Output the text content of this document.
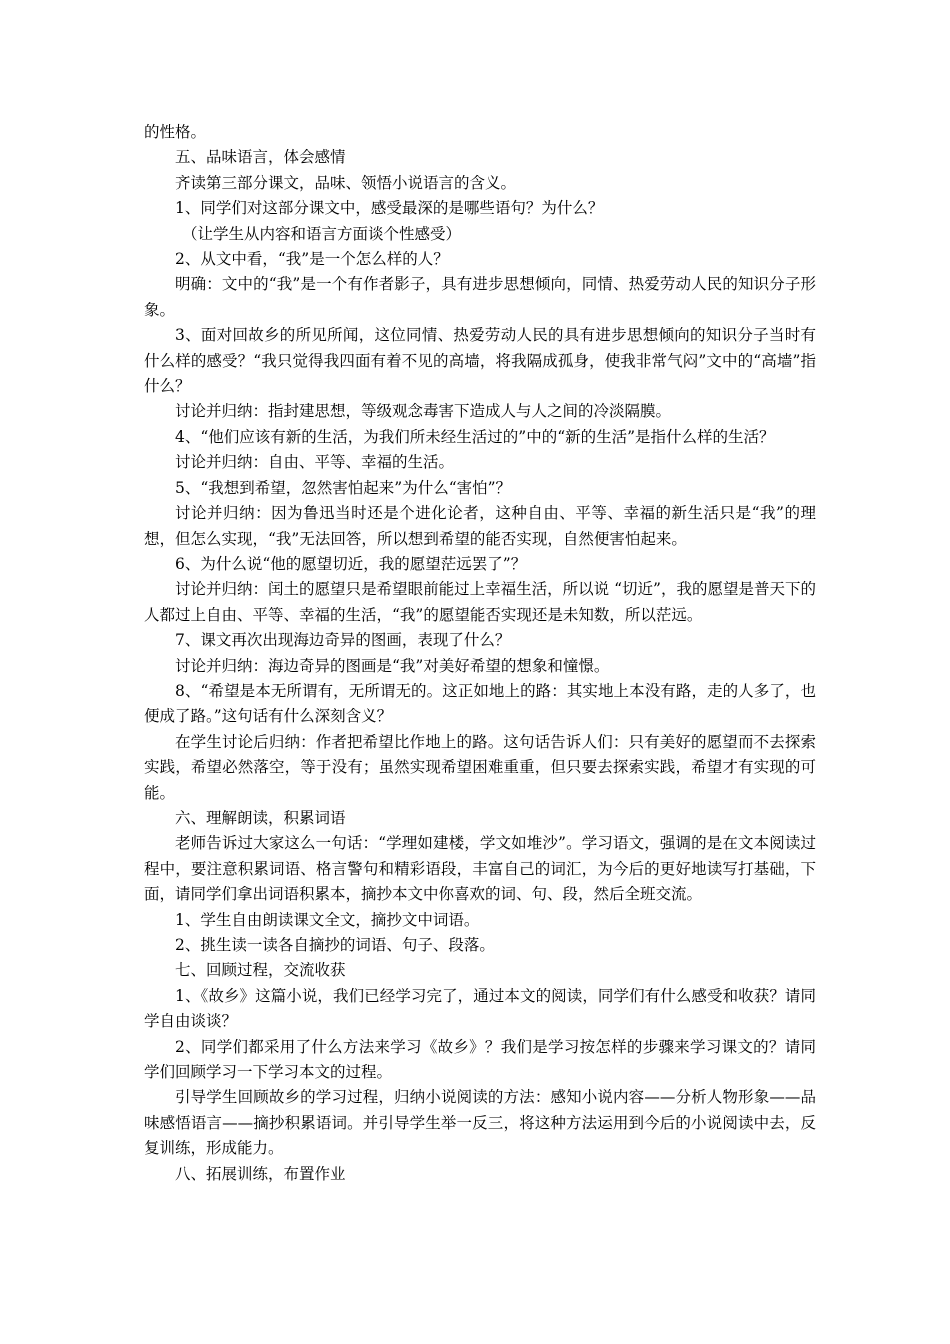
的性格。

五、品味语言，体会感情

齐读第三部分课文，品味、领悟小说语言的含义。

1、同学们对这部分课文中，感受最深的是哪些语句？为什么？

（让学生从内容和语言方面谈个性感受）

2、从文中看，“我”是一个怎么样的人？

明确：文中的“我”是一个有作者影子，具有进步思想倾向，同情、热爱劳动人民的知识分子形象。

3、面对回故乡的所见所闻，这位同情、热爱劳动人民的具有进步思想倾向的知识分子当时有什么样的感受？“我只觉得我四面有着不见的高墙，将我隔成孤身，使我非常气闷”文中的“高墙”指什么？

讨论并归纳：指封建思想，等级观念毒害下造成人与人之间的冷淡隔膜。

4、“他们应该有新的生活，为我们所未经生活过的”中的“新的生活”是指什么样的生活？

讨论并归纳：自由、平等、幸福的生活。

5、“我想到希望，忽然害怕起来”为什么“害怕”？

讨论并归纳：因为鲁迅当时还是个进化论者，这种自由、平等、幸福的新生活只是“我”的理想，但怎么实现，“我”无法回答，所以想到希望的能否实现，自然便害怕起来。

6、为什么说“他的愿望切近，我的愿望茫远罢了”？

讨论并归纳：闰土的愿望只是希望眼前能过上幸福生活，所以说 “切近”，我的愿望是普天下的人都过上自由、平等、幸福的生活，“我”的愿望能否实现还是未知数，所以茫远。

7、课文再次出现海边奇异的图画，表现了什么？

讨论并归纳：海边奇异的图画是“我”对美好希望的想象和憧憬。

8、“希望是本无所谓有，无所谓无的。这正如地上的路：其实地上本没有路，走的人多了，也便成了路。”这句话有什么深刻含义？

在学生讨论后归纳：作者把希望比作地上的路。这句话告诉人们：只有美好的愿望而不去探索实践，希望必然落空，等于没有；虽然实现希望困难重重，但只要去探索实践，希望才有实现的可能。

六、理解朗读，积累词语

老师告诉过大家这么一句话：“学理如建楼，学文如堆沙”。学习语文，强调的是在文本阅读过程中，要注意积累词语、格言警句和精彩语段，丰富自己的词汇，为今后的更好地读写打基础，下面，请同学们拿出词语积累本，摘抄本文中你喜欢的词、句、段，然后全班交流。

1、学生自由朗读课文全文，摘抄文中词语。

2、挑生读一读各自摘抄的词语、句子、段落。

七、回顾过程，交流收获

1、《故乡》这篇小说，我们已经学习完了，通过本文的阅读，同学们有什么感受和收获？请同学自由谈谈？

2、同学们都采用了什么方法来学习《故乡》？我们是学习按怎样的步骤来学习课文的？请同学们回顾学习一下学习本文的过程。

引导学生回顾故乡的学习过程，归纳小说阅读的方法：感知小说内容——分析人物形象——品味感悟语言——摘抄积累语词。并引导学生举一反三，将这种方法运用到今后的小说阅读中去，反复训练，形成能力。

八、拓展训练，布置作业
